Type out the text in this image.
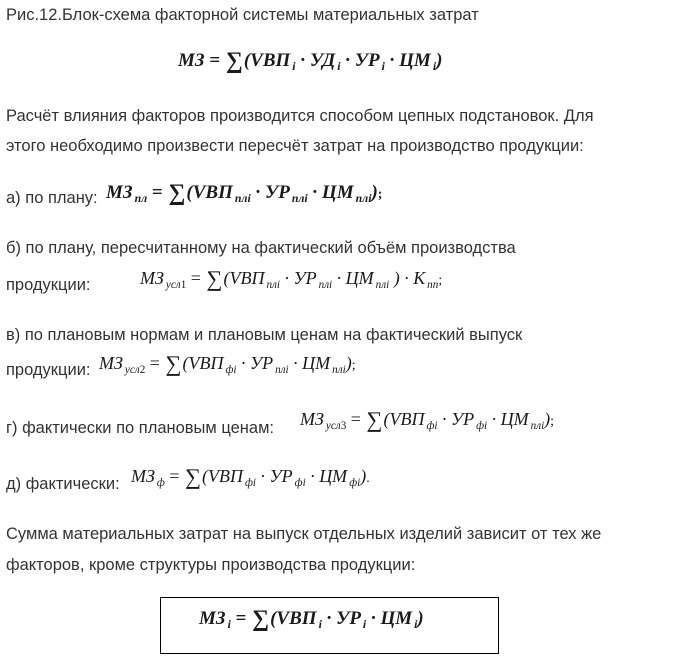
Рис.12.Блок-схема факторной системы материальных затрат
МЗ = ∑(VВП $_i$ · УД $_i$ · УР $_i$ · ЦМ $_i$)
Расчёт влияния факторов производится способом цепных подстановок. Для
этого необходимо произвести пересчёт затрат на производство продукции:
а) по плану: МЗ $_{пл}$ = ∑(VВП $_{плi}$ · УР $_{плi}$ · ЦМ $_{плi}$);
б) по плану, пересчитанному на фактический объём производства
продукции:	МЗ $_{усл1}$ = ∑(VВП $_{плi}$ · УР $_{плi}$ · ЦМ $_{плi}$ ) · К $_{пп}$;
в) по плановым нормам и плановым ценам на фактический выпуск
продукции: МЗ $_{усл2}$ = ∑(VВП $_{фi}$ · УР $_{плi}$ · ЦМ $_{плi}$);
г) фактически по плановым ценам: МЗ $_{усл3}$ = ∑(VВП $_{фi}$ · УР $_{фi}$ · ЦМ $_{плi}$);
д) фактически: МЗ $_ф$ = ∑(VВП $_{фi}$ · УР $_{фi}$ · ЦМ $_{фi}$).
Сумма материальных затрат на выпуск отдельных изделий зависит от тех же
факторов, кроме структуры производства продукции:
МЗ $_i$ = ∑(VВП $_i$ · УР $_i$ · ЦМ $_i$)
